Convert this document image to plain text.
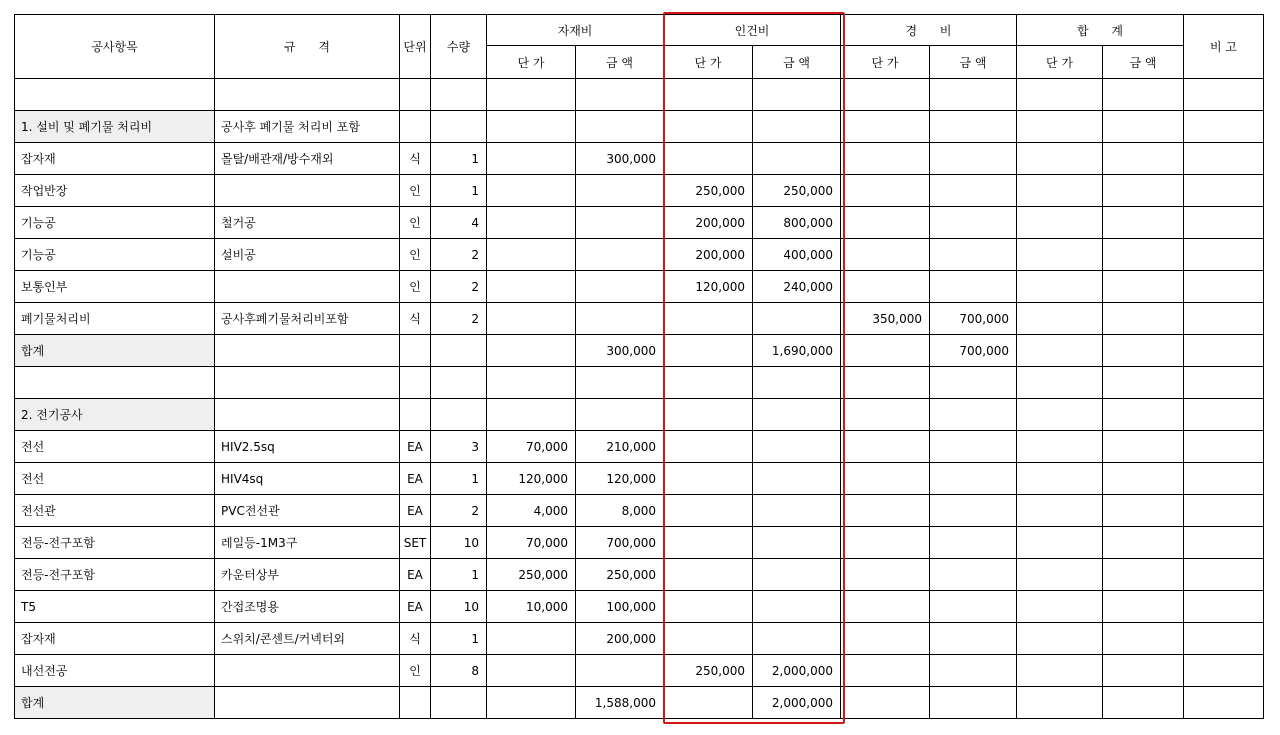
공사항목	규      격	단위	수량	자재비		인건비		경      비		합      계		비 고
				단 가	금 액	단 가	금 액	단 가	금 액	단 가	금 액	

1. 설비 및 폐기물 처리비	공사후 폐기물 처리비 포함											
잡자재	몰탈/배관재/방수재외	식	1		300,000							
작업반장		인	1			250,000	250,000					
기능공	철거공	인	4			200,000	800,000					
기능공	설비공	인	2			200,000	400,000					
보통인부		인	2			120,000	240,000					
폐기물처리비	공사후폐기물처리비포함	식	2					350,000	700,000			
합계					300,000		1,690,000		700,000			

2. 전기공사												
전선	HIV2.5sq	EA	3	70,000	210,000							
전선	HIV4sq	EA	1	120,000	120,000							
전선관	PVC전선관	EA	2	4,000	8,000							
전등-전구포함	레일등-1M3구	SET	10	70,000	700,000							
전등-전구포함	카운터상부	EA	1	250,000	250,000							
T5	간접조명용	EA	10	10,000	100,000							
잡자재	스위치/콘센트/커넥터외	식	1		200,000							
내선전공		인	8			250,000	2,000,000					
합계					1,588,000		2,000,000					
